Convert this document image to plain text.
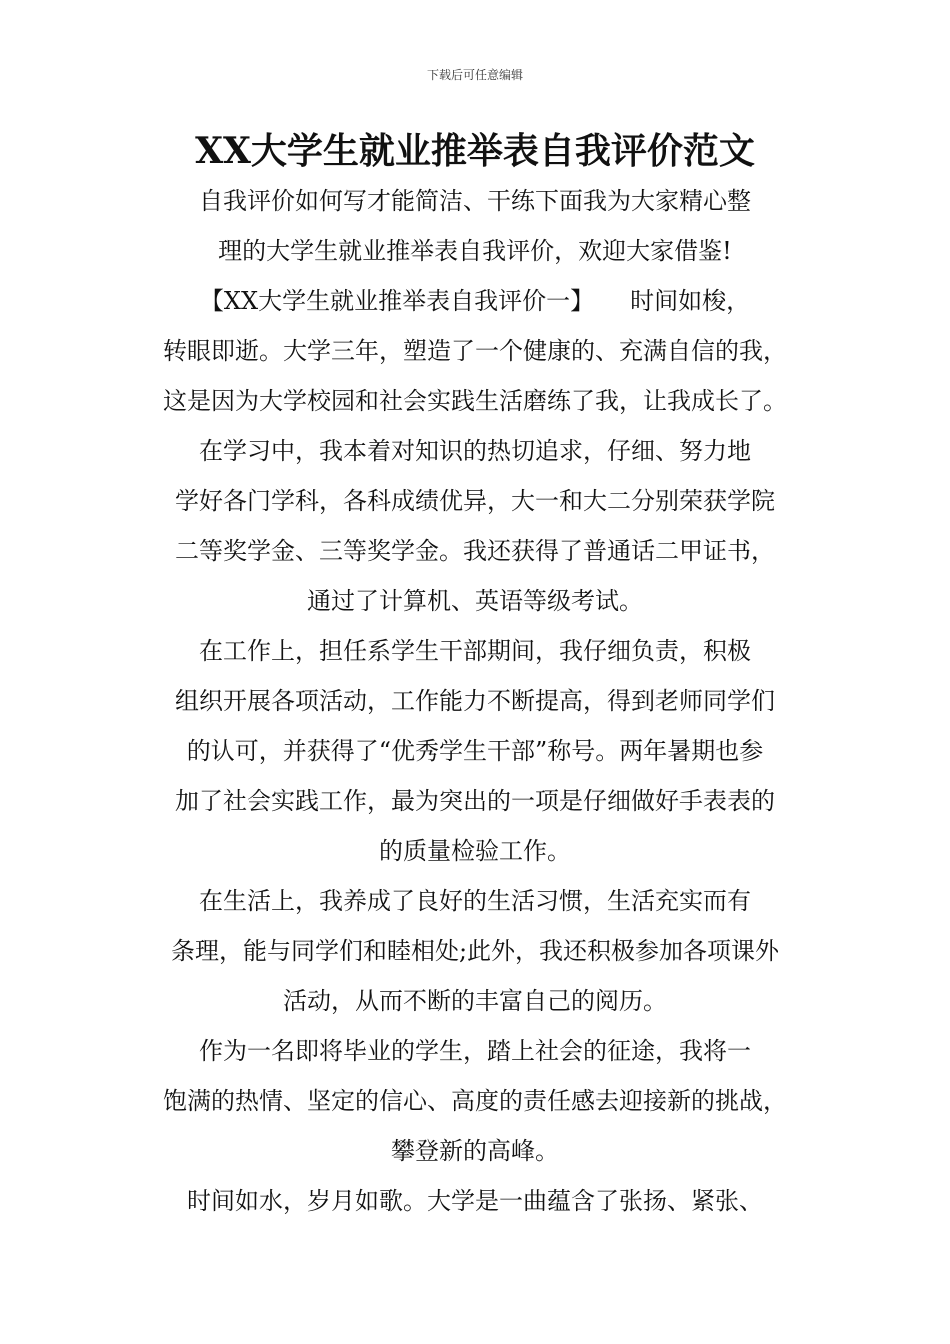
下载后可任意编辑
XX大学生就业推举表自我评价范文
自我评价如何写才能简洁、干练下面我为大家精心整
理的大学生就业推举表自我评价，欢迎大家借鉴!
【XX大学生就业推举表自我评价一】　　时间如梭，
转眼即逝。大学三年，塑造了一个健康的、充满自信的我，
这是因为大学校园和社会实践生活磨练了我，让我成长了。
在学习中，我本着对知识的热切追求，仔细、努力地
学好各门学科，各科成绩优异，大一和大二分别荣获学院
二等奖学金、三等奖学金。我还获得了普通话二甲证书，
通过了计算机、英语等级考试。
在工作上，担任系学生干部期间，我仔细负责，积极
组织开展各项活动，工作能力不断提高，得到老师同学们
的认可，并获得了“优秀学生干部”称号。两年暑期也参
加了社会实践工作，最为突出的一项是仔细做好手表表的
的质量检验工作。
在生活上，我养成了良好的生活习惯，生活充实而有
条理，能与同学们和睦相处;此外，我还积极参加各项课外
活动，从而不断的丰富自己的阅历。
作为一名即将毕业的学生，踏上社会的征途，我将一
饱满的热情、坚定的信心、高度的责任感去迎接新的挑战，
攀登新的高峰。
时间如水，岁月如歌。大学是一曲蕴含了张扬、紧张、
